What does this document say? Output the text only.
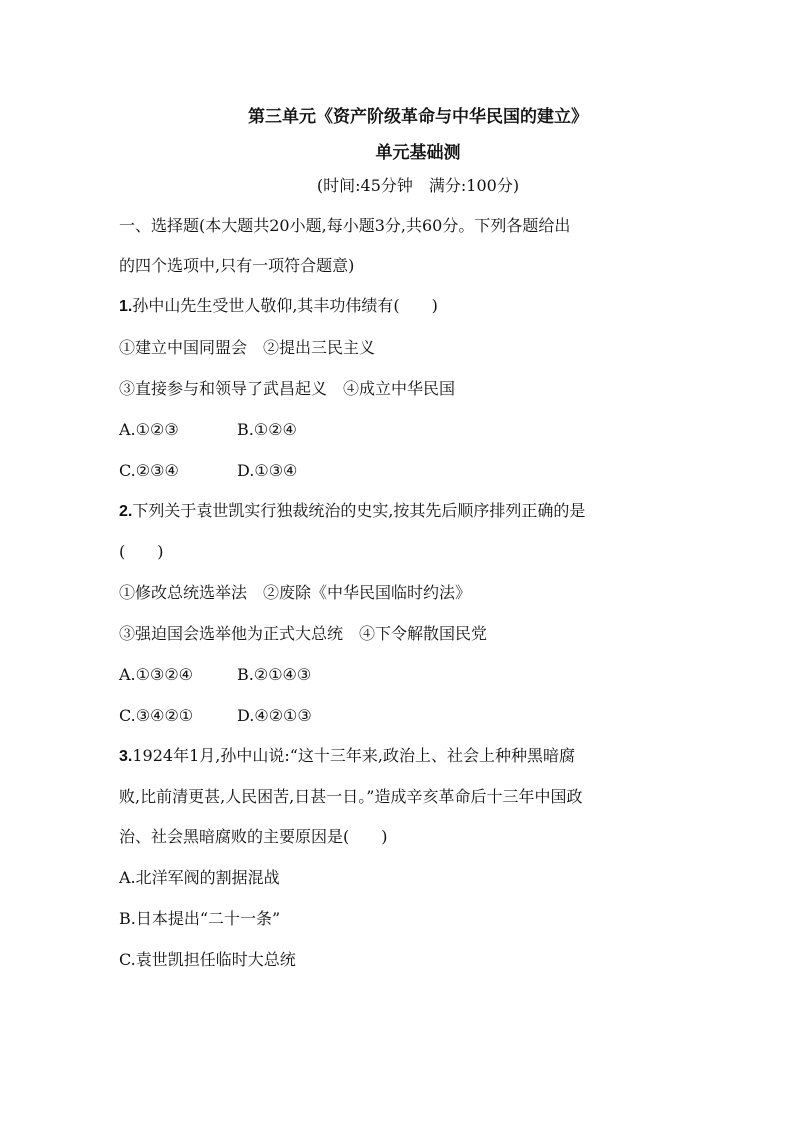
第三单元《资产阶级革命与中华民国的建立》
单元基础测
(时间:45分钟　满分:100分)

一、选择题(本大题共20小题,每小题3分,共60分。下列各题给出

的四个选项中,只有一项符合题意)

1.孙中山先生受世人敬仰,其丰功伟绩有(　　)

①建立中国同盟会　②提出三民主义

③直接参与和领导了武昌起义　④成立中华民国

A.①②③	B.①②④

C.②③④	D.①③④

2.下列关于袁世凯实行独裁统治的史实,按其先后顺序排列正确的是

(　　)

①修改总统选举法　②废除《中华民国临时约法》

③强迫国会选举他为正式大总统　④下令解散国民党

A.①③②④	B.②①④③

C.③④②①	D.④②①③

3.1924年1月,孙中山说:“这十三年来,政治上、社会上种种黑暗腐

败,比前清更甚,人民困苦,日甚一日。”造成辛亥革命后十三年中国政

治、社会黑暗腐败的主要原因是(　　)

A.北洋军阀的割据混战

B.日本提出“二十一条”

C.袁世凯担任临时大总统
